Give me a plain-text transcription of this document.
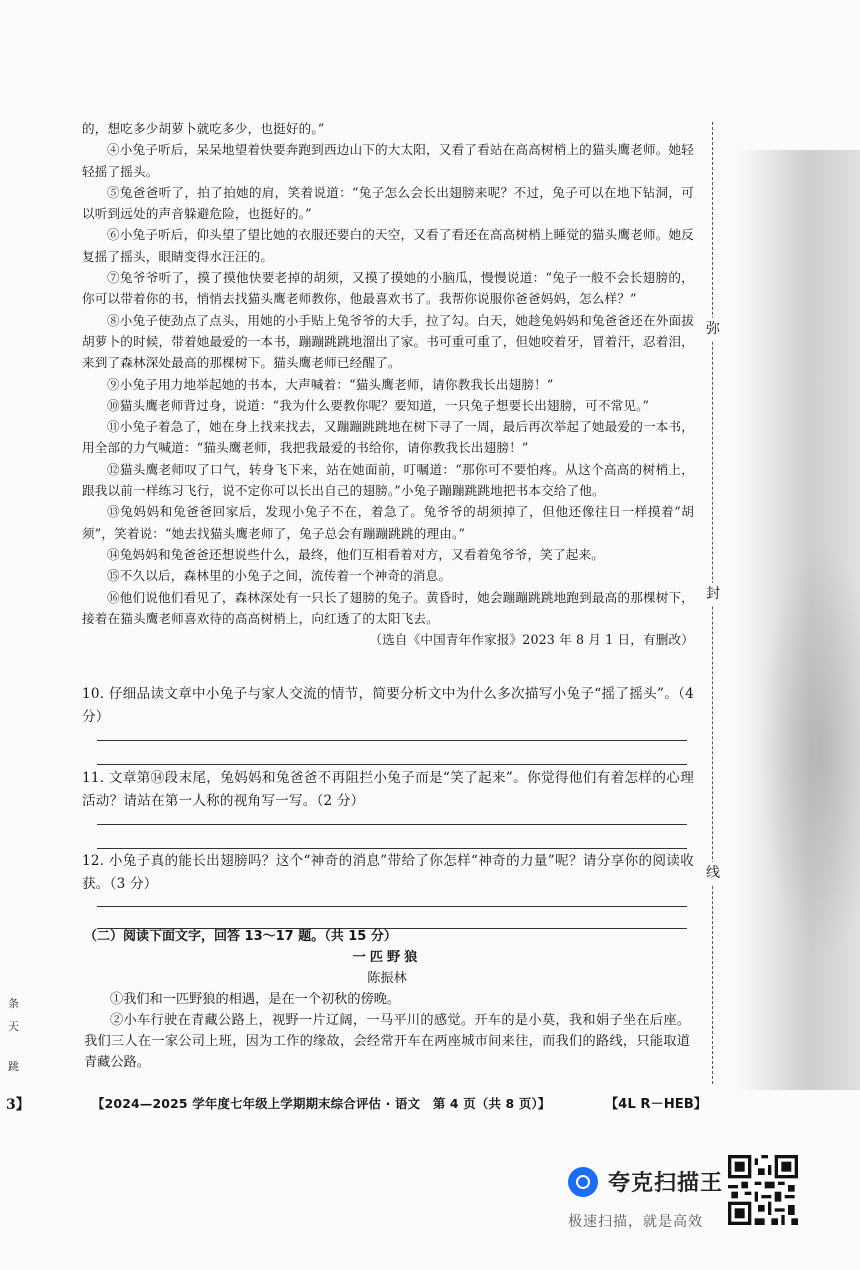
弥
封
线

的，想吃多少胡萝卜就吃多少，也挺好的。”

④小兔子听后，呆呆地望着快要奔跑到西边山下的大太阳，又看了看站在高高树梢上的猫头鹰老师。她轻轻摇了摇头。

⑤兔爸爸听了，拍了拍她的肩，笑着说道：“兔子怎么会长出翅膀来呢？不过，兔子可以在地下钻洞，可以听到远处的声音躲避危险，也挺好的。”

⑥小兔子听后，仰头望了望比她的衣服还要白的天空，又看了看还在高高树梢上睡觉的猫头鹰老师。她反复摇了摇头，眼睛变得水汪汪的。

⑦兔爷爷听了，摸了摸他快要老掉的胡须，又摸了摸她的小脑瓜，慢慢说道：“兔子一般不会长翅膀的，你可以带着你的书，悄悄去找猫头鹰老师教你，他最喜欢书了。我帮你说服你爸爸妈妈，怎么样？”

⑧小兔子使劲点了点头，用她的小手贴上兔爷爷的大手，拉了勾。白天，她趁兔妈妈和兔爸爸还在外面拔胡萝卜的时候，带着她最爱的一本书，蹦蹦跳跳地溜出了家。书可重可重了，但她咬着牙，冒着汗，忍着泪，来到了森林深处最高的那棵树下。猫头鹰老师已经醒了。

⑨小兔子用力地举起她的书本，大声喊着：“猫头鹰老师，请你教我长出翅膀！”

⑩猫头鹰老师背过身，说道：“我为什么要教你呢？要知道，一只兔子想要长出翅膀，可不常见。”

⑪小兔子着急了，她在身上找来找去，又蹦蹦跳跳地在树下寻了一周，最后再次举起了她最爱的一本书，用全部的力气喊道：“猫头鹰老师，我把我最爱的书给你，请你教我长出翅膀！”

⑫猫头鹰老师叹了口气，转身飞下来，站在她面前，叮嘱道：“那你可不要怕疼。从这个高高的树梢上，跟我以前一样练习飞行，说不定你可以长出自己的翅膀。”小兔子蹦蹦跳跳地把书本交给了他。

⑬兔妈妈和兔爸爸回家后，发现小兔子不在，着急了。兔爷爷的胡须掉了，但他还像往日一样摸着“胡须”，笑着说：“她去找猫头鹰老师了，兔子总会有蹦蹦跳跳的理由。”

⑭兔妈妈和兔爸爸还想说些什么，最终，他们互相看着对方，又看着兔爷爷，笑了起来。

⑮不久以后，森林里的小兔子之间，流传着一个神奇的消息。

⑯他们说他们看见了，森林深处有一只长了翅膀的兔子。黄昏时，她会蹦蹦跳跳地跑到最高的那棵树下，接着在猫头鹰老师喜欢待的高高树梢上，向红透了的太阳飞去。

（选自《中国青年作家报》2023 年 8 月 1 日，有删改）

10. 仔细品读文章中小兔子与家人交流的情节，简要分析文中为什么多次描写小兔子“摇了摇头”。（4 分）
11. 文章第⑭段末尾，兔妈妈和兔爸爸不再阻拦小兔子而是“笑了起来”。你觉得他们有着怎样的心理活动？请站在第一人称的视角写一写。（2 分）
12. 小兔子真的能长出翅膀吗？这个“神奇的消息”带给了你怎样“神奇的力量”呢？请分享你的阅读收获。（3 分）
（二）阅读下面文字，回答 13～17 题。（共 15 分）
一匹野狼
陈振林

①我们和一匹野狼的相遇，是在一个初秋的傍晚。

②小车行驶在青藏公路上，视野一片辽阔，一马平川的感觉。开车的是小莫，我和娟子坐在后座。我们三人在一家公司上班，因为工作的缘故，会经常开车在两座城市间来往，而我们的路线，只能取道青藏公路。

条
天
跳
3】	【2024—2025 学年度七年级上学期期末综合评估 · 语文　第 4 页（共 8 页）】	【4L R－HEB】
夸克扫描王
极速扫描，就是高效
